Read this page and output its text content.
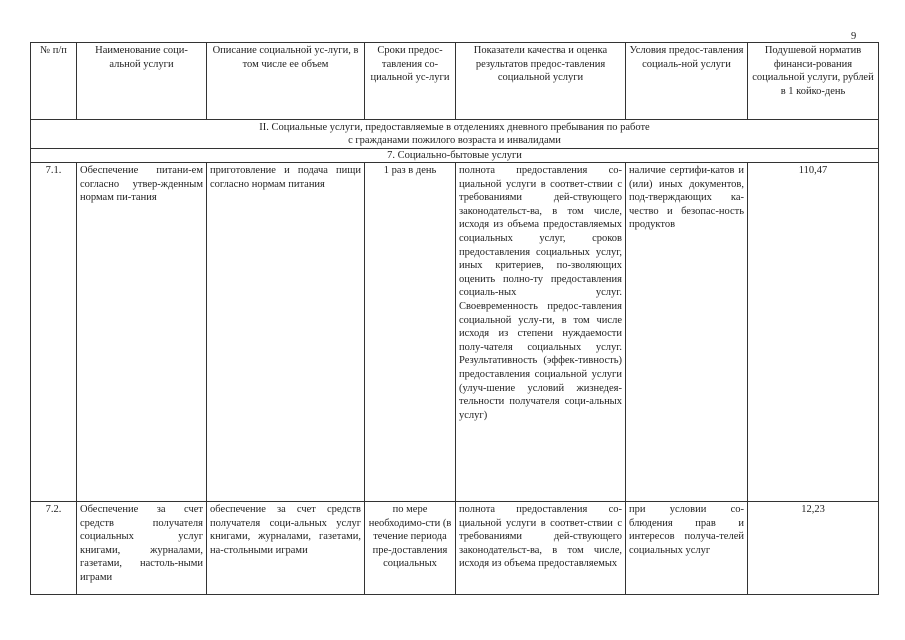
9
№ п/п	Наименование соци-альной услуги	Описание социальной ус-луги, в том числе ее объем	Сроки предос-тавления со-циальной ус-луги	Показатели качества и оценка результатов предос-тавления социальной услуги	Условия предос-тавления социаль-ной услуги	Подушевой норматив финанси-рования социальной услуги, рублей в 1 койко-день

II. Социальные услуги, предоставляемые в отделениях дневного пребывания по работе
с гражданами пожилого возраста и инвалидами						

7. Социально-бытовые услуги						
7.1.	Обеспечение питани-ем согласно утвер-жденным нормам пи-тания	приготовление и подача пищи согласно нормам питания	1 раз в день	полнота предоставления со-циальной услуги в соответ-ствии с требованиями дей-ствующего законодательст-ва, в том числе, исходя из объема предоставляемых социальных услуг, сроков предоставления социальных услуг, иных критериев, по-зволяющих оценить полно-ту предоставления социаль-ных услуг. Своевременность предос-тавления социальной услу-ги, в том числе исходя из степени нуждаемости полу-чателя социальных услуг. Результативность (эффек-тивность) предоставления социальной услуги (улуч-шение условий жизнедея-тельности получателя соци-альных услуг)	наличие сертифи-катов и (или) иных документов, под-тверждающих ка-чество и безопас-ность продуктов	110,47
7.2.	Обеспечение за счет средств получателя социальных услуг книгами, журналами, газетами, настоль-ными играми	обеспечение за счет средств получателя соци-альных услуг книгами, журналами, газетами, на-стольными играми	по мере необходимо-сти (в течение периода пре-доставления социальных	полнота предоставления со-циальной услуги в соответ-ствии с требованиями дей-ствующего законодательст-ва, в том числе, исходя из объема предоставляемых	при условии со-блюдения прав и интересов получа-телей социальных услуг	12,23
